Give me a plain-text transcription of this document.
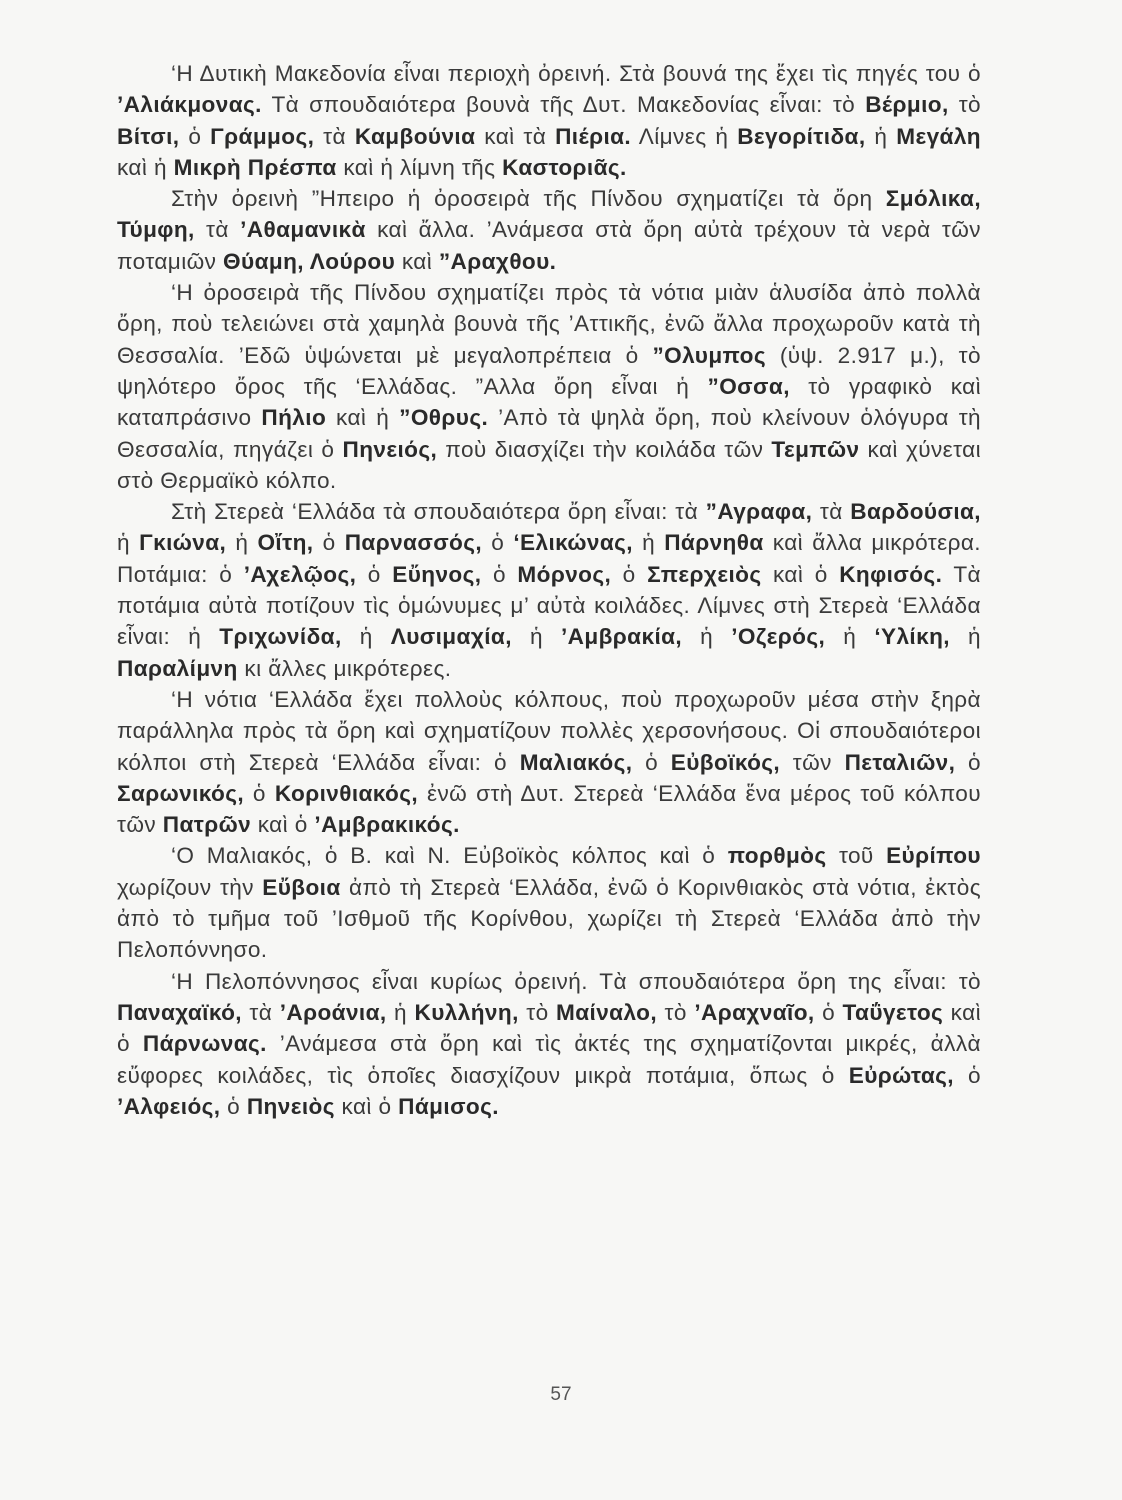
‘Η Δυτικὴ Μακεδονία εἶναι περιοχὴ ὀρεινή. Στὰ βουνά της ἔχει τὶς πηγές του ὁ ’Αλιάκμονας. Τὰ σπουδαιότερα βουνὰ τῆς Δυτ. Μακεδονίας εἶναι: τὸ Βέρμιο, τὸ Βίτσι, ὁ Γράμμος, τὰ Καμβούνια καὶ τὰ Πιέρια. Λίμνες ἡ Βεγορίτιδα, ἡ Μεγάλη καὶ ἡ Μικρὴ Πρέσπα καὶ ἡ λίμνη τῆς Καστοριᾶς.

Στὴν ὀρεινὴ ”Ηπειρο ἡ ὀροσειρὰ τῆς Πίνδου σχηματίζει τὰ ὄρη Σμόλικα, Τύμφη, τὰ ’Αθαμανικὰ καὶ ἄλλα. ’Ανάμεσα στὰ ὄρη αὐτὰ τρέχουν τὰ νερὰ τῶν ποταμιῶν Θύαμη, Λούρου καὶ ”Αραχθου.

‘Η ὀροσειρὰ τῆς Πίνδου σχηματίζει πρὸς τὰ νότια μιὰν ἁλυσίδα ἀπὸ πολλὰ ὄρη, ποὺ τελειώνει στὰ χαμηλὰ βουνὰ τῆς ’Αττικῆς, ἐνῶ ἄλλα προχωροῦν κατὰ τὴ Θεσσαλία. ’Εδῶ ὑψώνεται μὲ μεγαλοπρέπεια ὁ ”Ολυμπος (ὑψ. 2.917 μ.), τὸ ψηλότερο ὄρος τῆς ‘Ελλάδας. ”Αλλα ὄρη εἶναι ἡ ”Οσσα, τὸ γραφικὸ καὶ καταπράσινο Πήλιο καὶ ἡ ”Οθρυς. ’Απὸ τὰ ψηλὰ ὄρη, ποὺ κλείνουν ὁλόγυρα τὴ Θεσσαλία, πηγάζει ὁ Πηνειός, ποὺ διασχίζει τὴν κοιλάδα τῶν Τεμπῶν καὶ χύνεται στὸ Θερμαϊκὸ κόλπο.

Στὴ Στερεὰ ‘Ελλάδα τὰ σπουδαιότερα ὄρη εἶναι: τὰ ”Αγραφα, τὰ Βαρδούσια, ἡ Γκιώνα, ἡ Οἴτη, ὁ Παρνασσός, ὁ ‘Ελικώνας, ἡ Πάρνηθα καὶ ἄλλα μικρότερα. Ποτάμια: ὁ ’Αχελῷος, ὁ Εὔηνος, ὁ Μόρνος, ὁ Σπερχειὸς καὶ ὁ Κηφισός. Τὰ ποτάμια αὐτὰ ποτίζουν τὶς ὁμώνυμες μ’ αὐτὰ κοιλάδες. Λίμνες στὴ Στερεὰ ‘Ελλάδα εἶναι: ἡ Τριχωνίδα, ἡ Λυσιμαχία, ἡ ’Αμβρακία, ἡ ’Οζερός, ἡ ‘Υλίκη, ἡ Παραλίμνη κι ἄλλες μικρότερες.

‘Η νότια ‘Ελλάδα ἔχει πολλοὺς κόλπους, ποὺ προχωροῦν μέσα στὴν ξηρὰ παράλληλα πρὸς τὰ ὄρη καὶ σχηματίζουν πολλὲς χερσονήσους. Οἱ σπουδαιότεροι κόλποι στὴ Στερεὰ ‘Ελλάδα εἶναι: ὁ Μαλιακός, ὁ Εὐβοϊκός, τῶν Πεταλιῶν, ὁ Σαρωνικός, ὁ Κορινθιακός, ἐνῶ στὴ Δυτ. Στερεὰ ‘Ελλάδα ἕνα μέρος τοῦ κόλπου τῶν Πατρῶν καὶ ὁ ’Αμβρακικός.

‘Ο Μαλιακός, ὁ Β. καὶ Ν. Εὐβοϊκὸς κόλπος καὶ ὁ πορθμὸς τοῦ Εὐρίπου χωρίζουν τὴν Εὔβοια ἀπὸ τὴ Στερεὰ ‘Ελλάδα, ἐνῶ ὁ Κορινθιακὸς στὰ νότια, ἐκτὸς ἀπὸ τὸ τμῆμα τοῦ ’Ισθμοῦ τῆς Κορίνθου, χωρίζει τὴ Στερεὰ ‘Ελλάδα ἀπὸ τὴν Πελοπόννησο.

‘Η Πελοπόννησος εἶναι κυρίως ὀρεινή. Τὰ σπουδαιότερα ὄρη της εἶναι: τὸ Παναχαϊκό, τὰ ’Αροάνια, ἡ Κυλλήνη, τὸ Μαίναλο, τὸ ’Αραχναῖο, ὁ Ταΰγετος καὶ ὁ Πάρνωνας. ’Ανάμεσα στὰ ὄρη καὶ τὶς ἀκτές της σχηματίζονται μικρές, ἀλλὰ εὔφορες κοιλάδες, τὶς ὁποῖες διασχίζουν μικρὰ ποτάμια, ὅπως ὁ Εὐρώτας, ὁ ’Αλφειός, ὁ Πηνειὸς καὶ ὁ Πάμισος.

57
